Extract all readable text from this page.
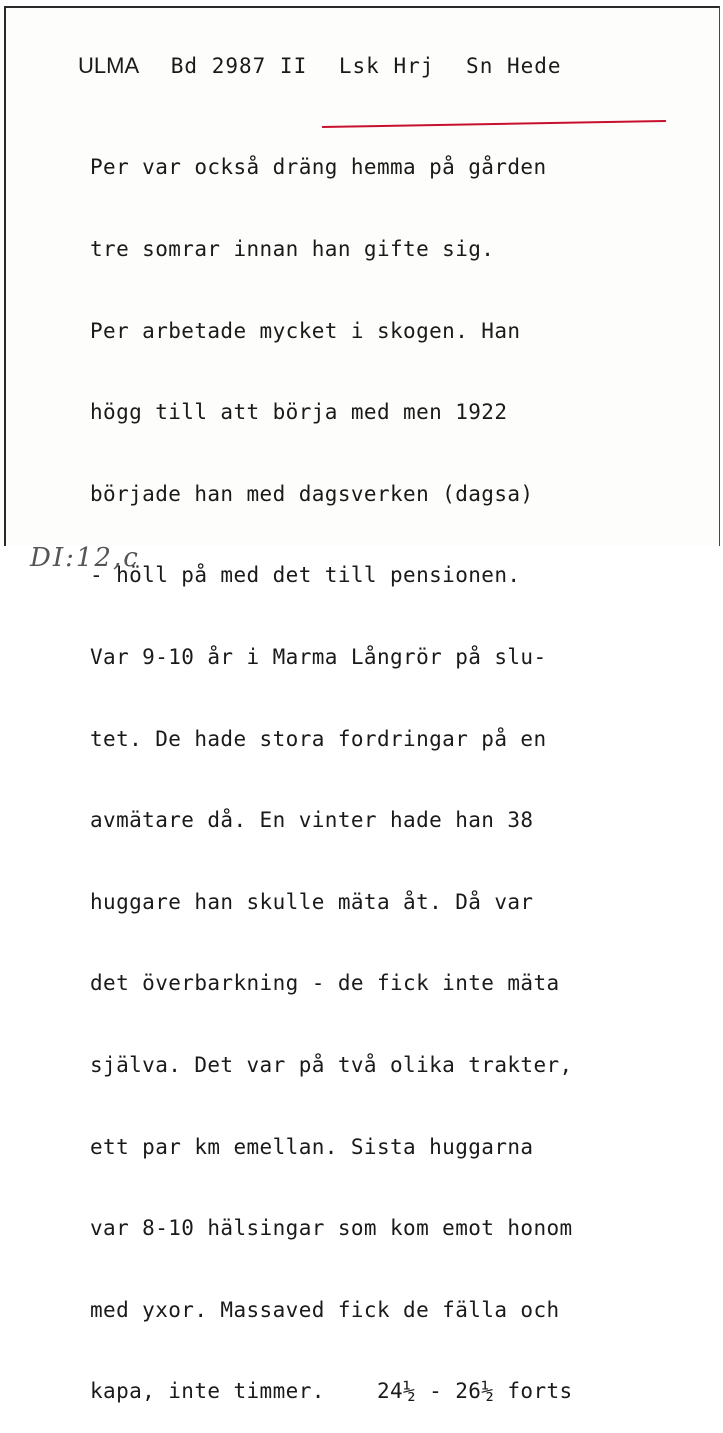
ULMA Bd 2987 II Lsk Hrj Sn Hede

Per var också dräng hemma på gården

tre somrar innan han gifte sig.

Per arbetade mycket i skogen. Han

högg till att börja med men 1922

började han med dagsverken (dagsa)

- höll på med det till pensionen.

Var 9-10 år i Marma Långrör på slu-

tet. De hade stora fordringar på en

avmätare då. En vinter hade han 38

huggare han skulle mäta åt. Då var

det överbarkning - de fick inte mäta

själva. Det var på två olika trakter,

ett par km emellan. Sista huggarna

var 8-10 hälsingar som kom emot honom

med yxor. Massaved fick de fälla och

kapa, inte timmer.    24½ - 26½ forts

DI:12,c
